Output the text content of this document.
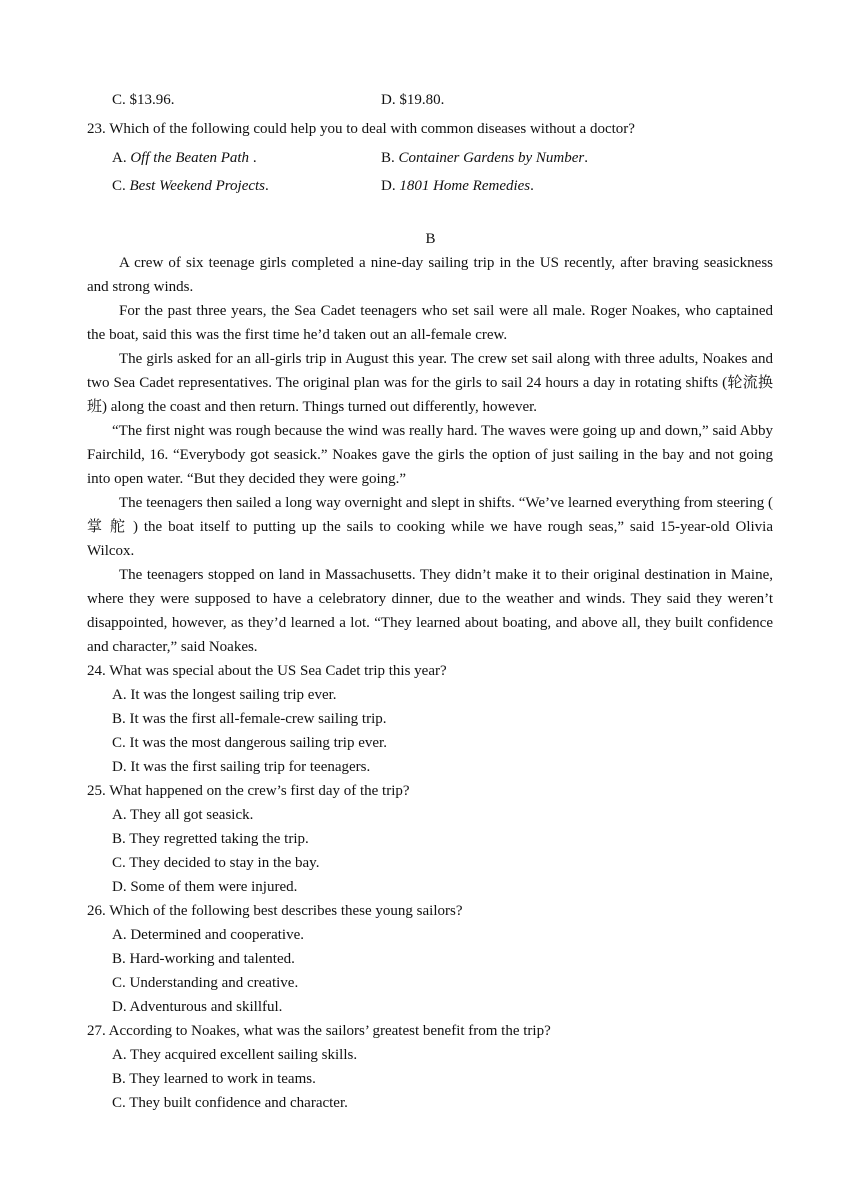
C. $13.96.	D. $19.80.
23. Which of the following could help you to deal with common diseases without a doctor?
A. Off the Beaten Path .	B. Container Gardens by Number.
C. Best Weekend Projects.	D. 1801 Home Remedies.
B
A crew of six teenage girls completed a nine-day sailing trip in the US recently, after braving seasickness and strong winds.
For the past three years, the Sea Cadet teenagers who set sail were all male. Roger Noakes, who captained the boat, said this was the first time he’d taken out an all-female crew.
The girls asked for an all-girls trip in August this year. The crew set sail along with three adults, Noakes and two Sea Cadet representatives. The original plan was for the girls to sail 24 hours a day in rotating shifts (轮流换班) along the coast and then return. Things turned out differently, however.
“The first night was rough because the wind was really hard. The waves were going up and down,” said Abby Fairchild, 16. “Everybody got seasick.” Noakes gave the girls the option of just sailing in the bay and not going into open water. “But they decided they were going.”
The teenagers then sailed a long way overnight and slept in shifts. “We’ve learned everything from steering ( 掌 舵 ) the boat itself to putting up the sails to cooking while we have rough seas,” said 15-year-old Olivia Wilcox.
The teenagers stopped on land in Massachusetts. They didn’t make it to their original destination in Maine, where they were supposed to have a celebratory dinner, due to the weather and winds. They said they weren’t disappointed, however, as they’d learned a lot. “They learned about boating, and above all, they built confidence and character,” said Noakes.
24. What was special about the US Sea Cadet trip this year?
A. It was the longest sailing trip ever.
B. It was the first all-female-crew sailing trip.
C. It was the most dangerous sailing trip ever.
D. It was the first sailing trip for teenagers.
25. What happened on the crew’s first day of the trip?
A. They all got seasick.
B. They regretted taking the trip.
C. They decided to stay in the bay.
D. Some of them were injured.
26. Which of the following best describes these young sailors?
A. Determined and cooperative.
B. Hard-working and talented.
C. Understanding and creative.
D. Adventurous and skillful.
27. According to Noakes, what was the sailors’ greatest benefit from the trip?
A. They acquired excellent sailing skills.
B. They learned to work in teams.
C. They built confidence and character.
